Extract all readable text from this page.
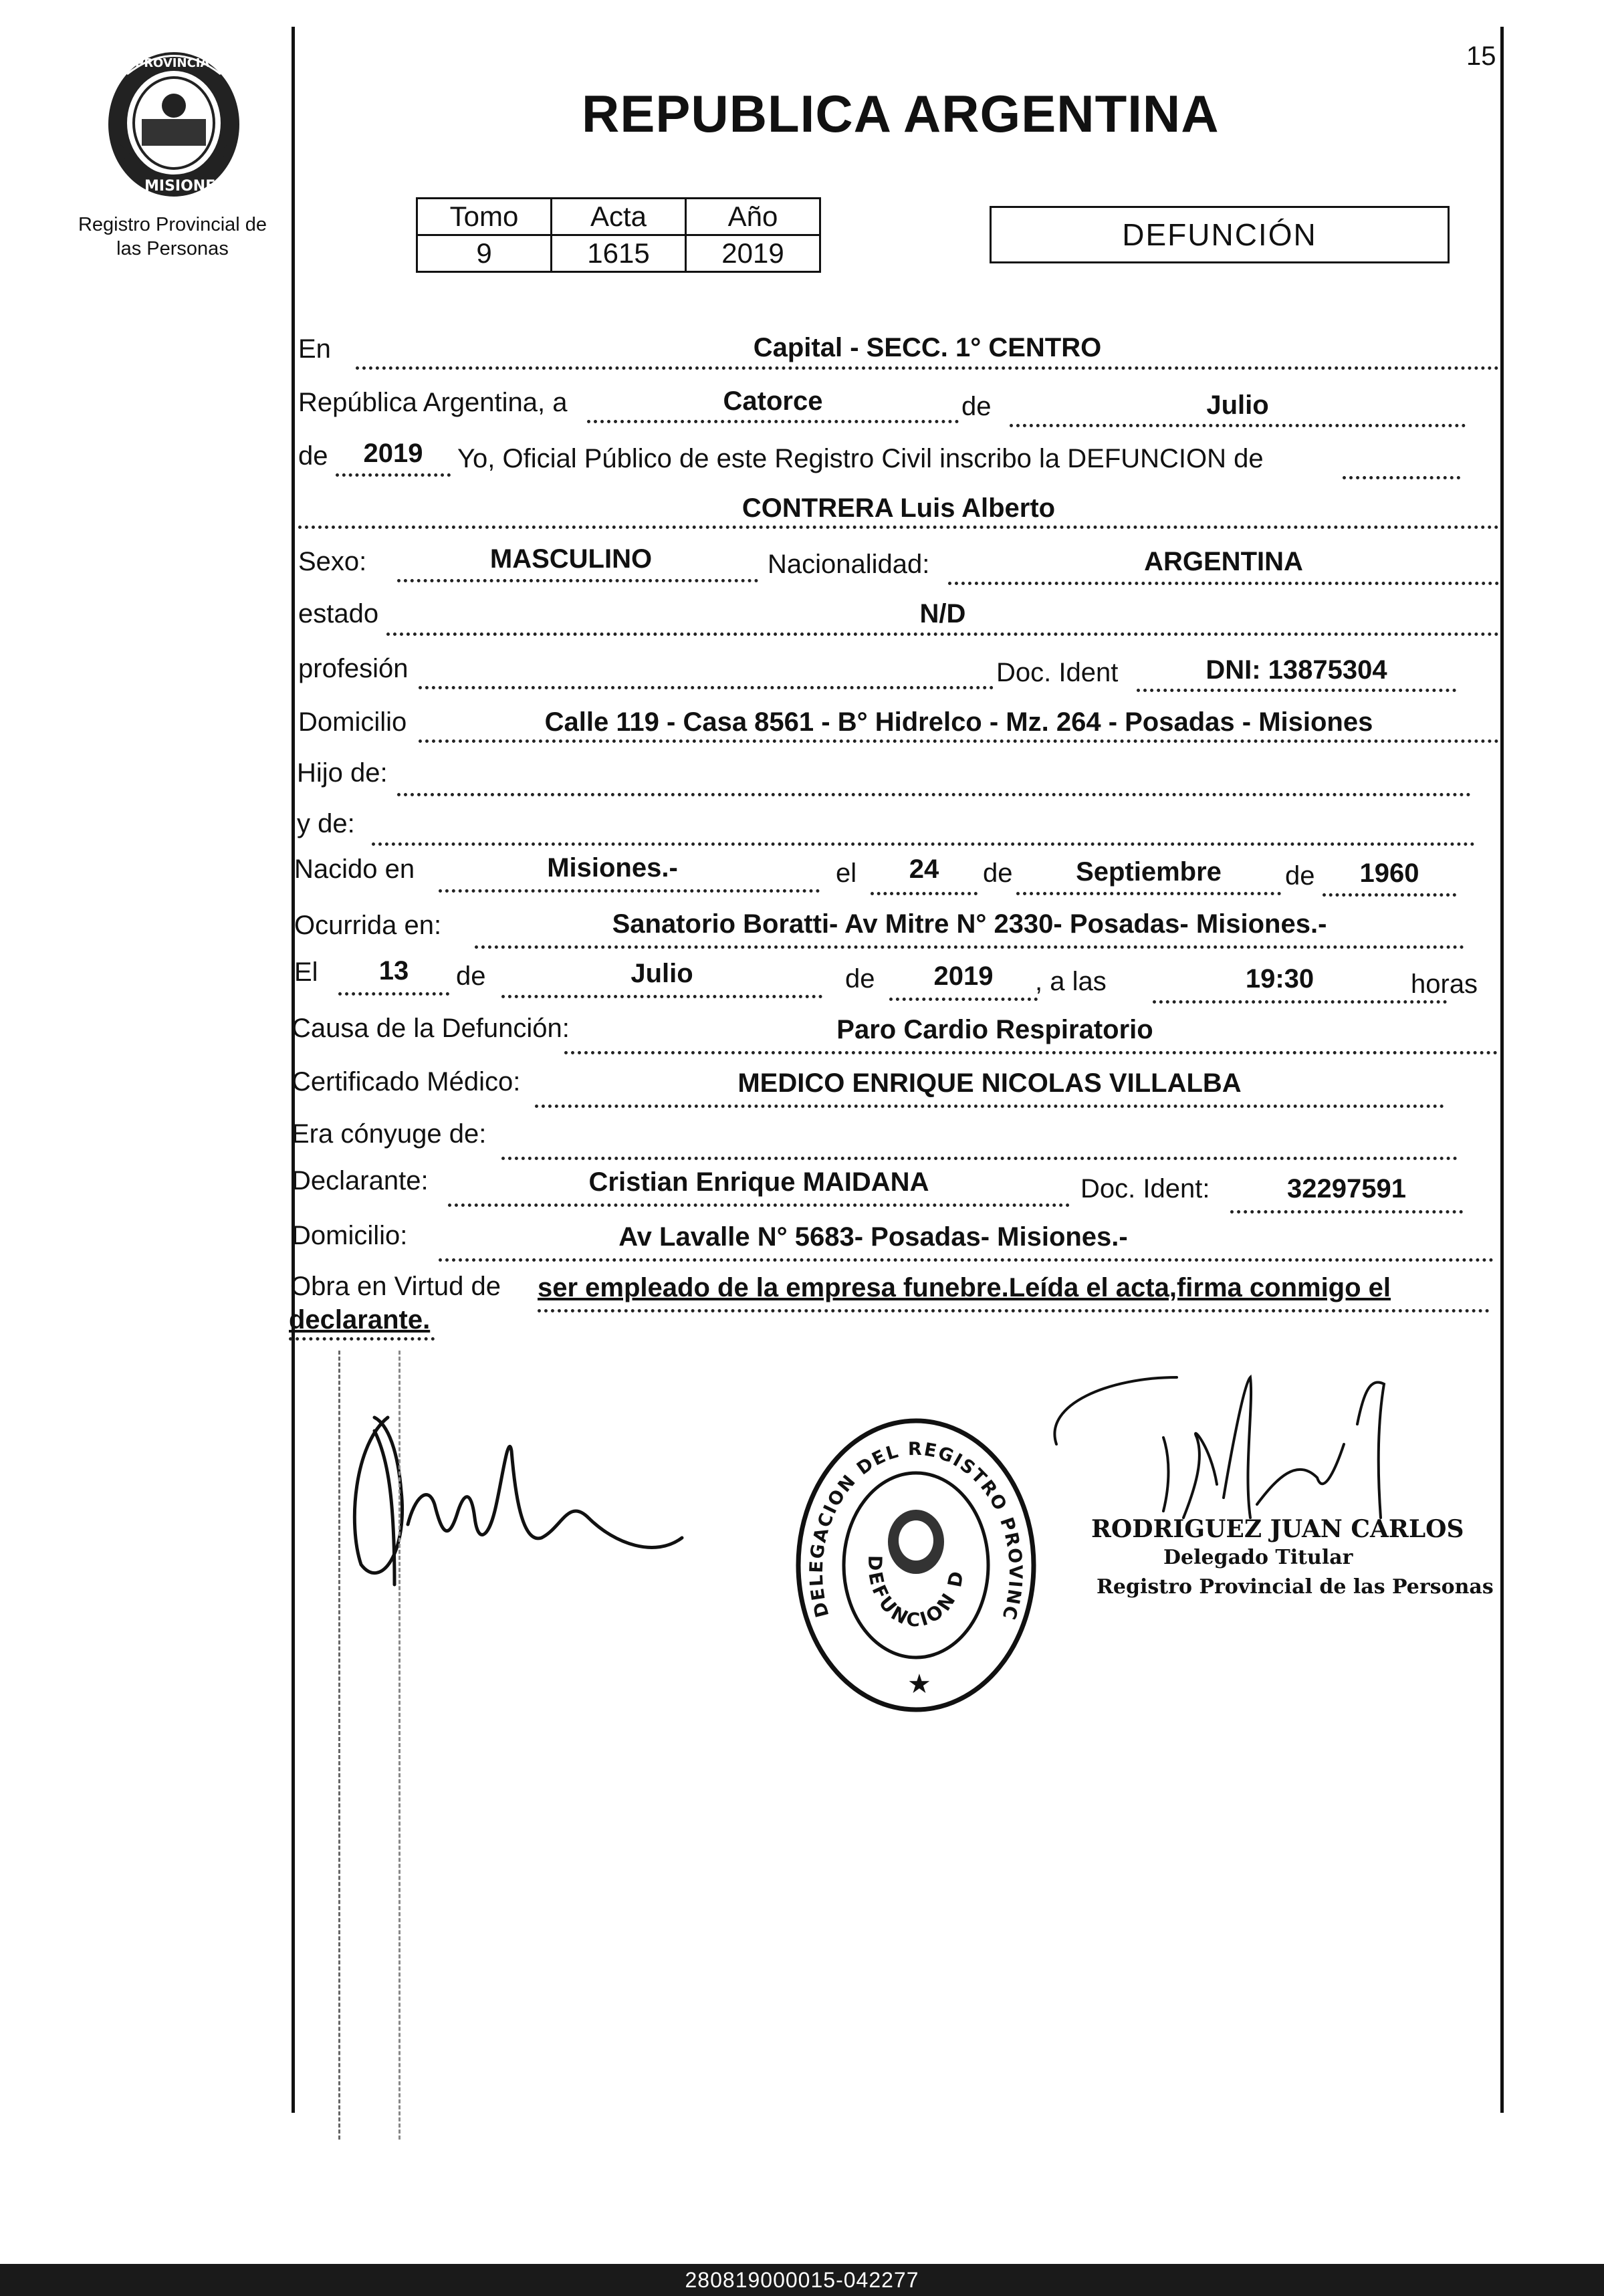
15
PROVINCIA DE
MISIONES
Registro Provincial de
las Personas
REPUBLICA ARGENTINA
Tomo	Acta	Año
9	1615	2019
DEFUNCIÓN
En	Capital - SECC. 1° CENTRO
República Argentina, a	Catorce	de	Julio
de	2019	Yo, Oficial Público de este Registro Civil inscribo la DEFUNCION de
CONTRERA Luis Alberto
Sexo:	MASCULINO	Nacionalidad:	ARGENTINA
estado	N/D
profesión	Doc. Ident	DNI: 13875304
Domicilio	Calle 119 - Casa 8561 - B° Hidrelco - Mz. 264 - Posadas - Misiones
Hijo de:
y de:
Nacido en	Misiones.-	el	24	de	Septiembre	de	1960
Ocurrida en:	Sanatorio Boratti- Av Mitre N° 2330- Posadas- Misiones.-
El	13	de	Julio	de	2019	, a las	19:30	horas
Causa de la Defunción:	Paro Cardio Respiratorio
Certificado Médico:	MEDICO ENRIQUE NICOLAS VILLALBA
Era cónyuge de:
Declarante:	Cristian Enrique MAIDANA	Doc. Ident:	32297591
Domicilio:	Av Lavalle N° 5683- Posadas- Misiones.-
Obra en Virtud de ser empleado de la empresa funebre.Leída el acta,firma conmigo el
declarante.
DELEGACION DEL REGISTRO PROVINC
DEFUNCION D
★
RODRIGUEZ JUAN CARLOS
Delegado Titular
Registro Provincial de las Personas
280819000015-042277
